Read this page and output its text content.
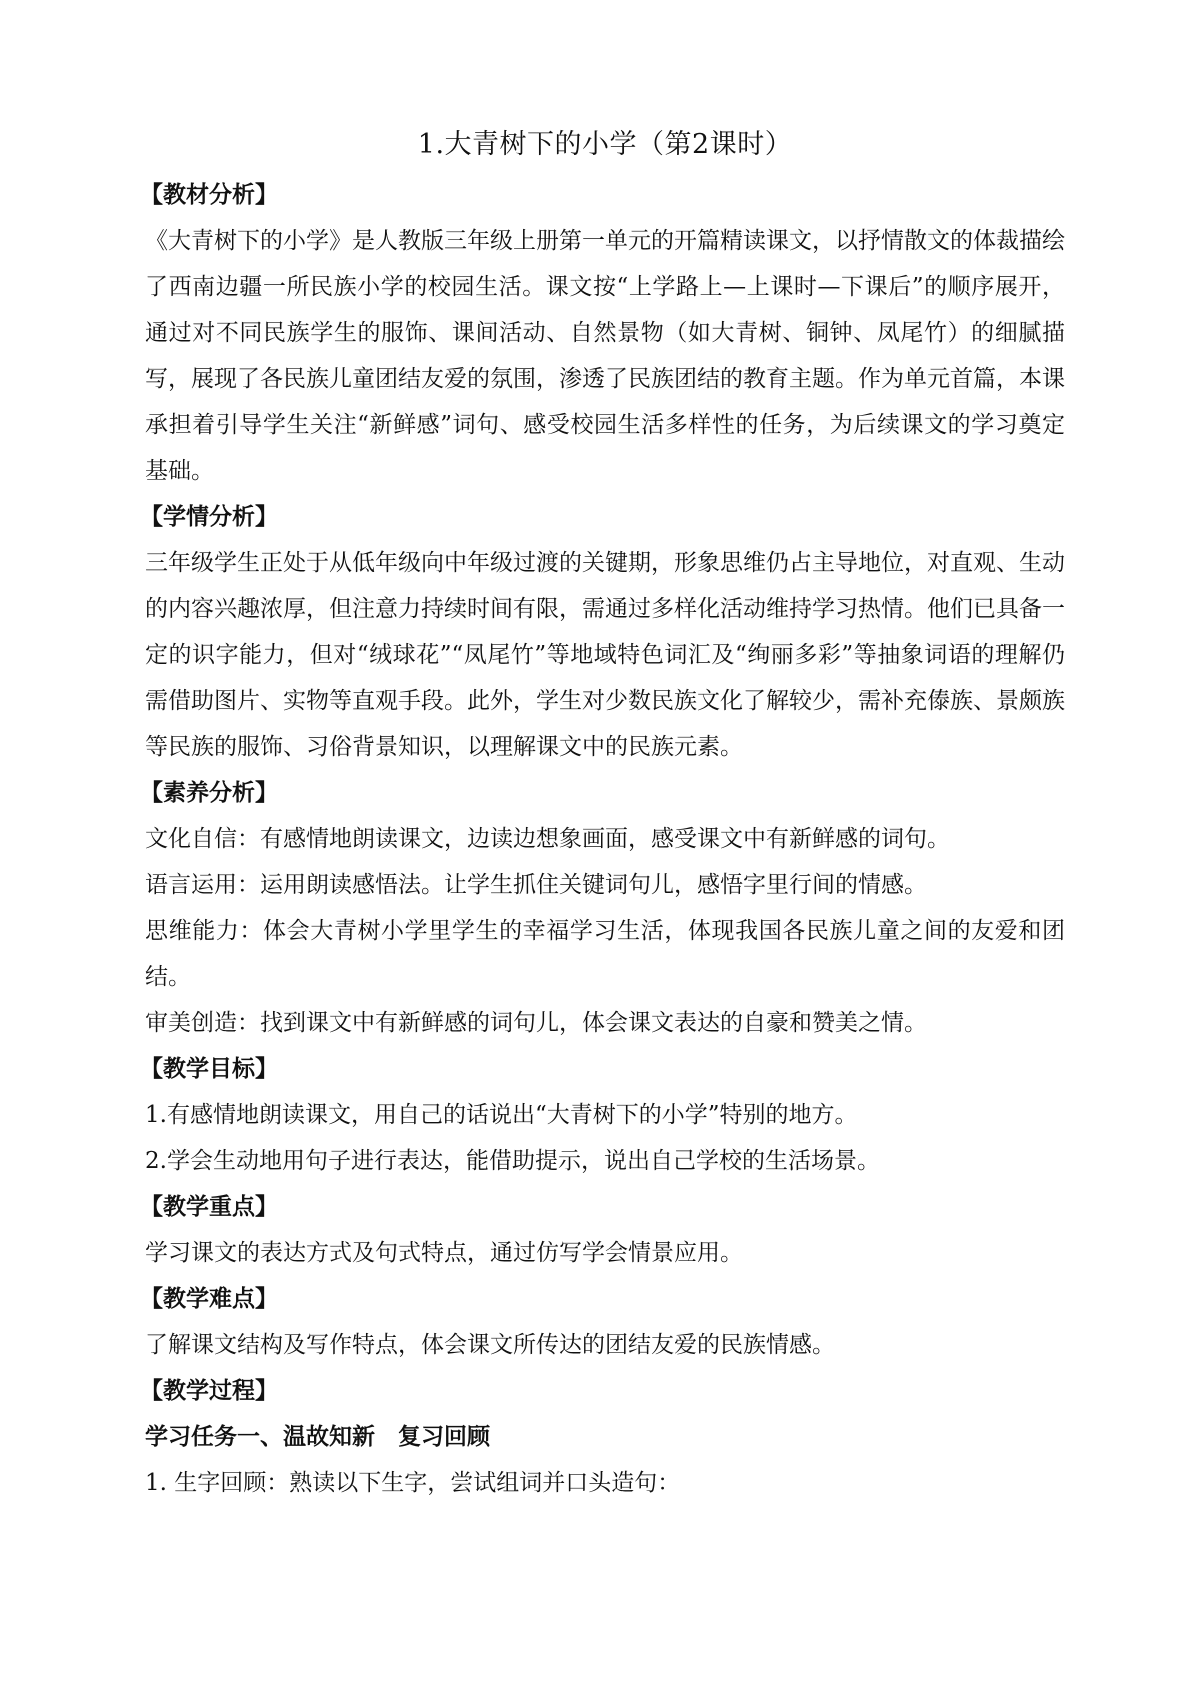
1.大青树下的小学（第2课时）

【教材分析】

《大青树下的小学》是人教版三年级上册第一单元的开篇精读课文，以抒情散文的体裁描绘了西南边疆一所民族小学的校园生活。课文按“上学路上—上课时—下课后”的顺序展开，通过对不同民族学生的服饰、课间活动、自然景物（如大青树、铜钟、凤尾竹）的细腻描写，展现了各民族儿童团结友爱的氛围，渗透了民族团结的教育主题。作为单元首篇，本课承担着引导学生关注“新鲜感”词句、感受校园生活多样性的任务，为后续课文的学习奠定基础。

【学情分析】

三年级学生正处于从低年级向中年级过渡的关键期，形象思维仍占主导地位，对直观、生动的内容兴趣浓厚，但注意力持续时间有限，需通过多样化活动维持学习热情。他们已具备一定的识字能力，但对“绒球花”“凤尾竹”等地域特色词汇及“绚丽多彩”等抽象词语的理解仍需借助图片、实物等直观手段。此外，学生对少数民族文化了解较少，需补充傣族、景颇族等民族的服饰、习俗背景知识，以理解课文中的民族元素。

【素养分析】

文化自信：有感情地朗读课文，边读边想象画面，感受课文中有新鲜感的词句。

语言运用：运用朗读感悟法。让学生抓住关键词句儿，感悟字里行间的情感。

思维能力：体会大青树小学里学生的幸福学习生活，体现我国各民族儿童之间的友爱和团结。

审美创造：找到课文中有新鲜感的词句儿，体会课文表达的自豪和赞美之情。

【教学目标】

1.有感情地朗读课文，用自己的话说出“大青树下的小学”特别的地方。

2.学会生动地用句子进行表达，能借助提示，说出自己学校的生活场景。

【教学重点】

学习课文的表达方式及句式特点，通过仿写学会情景应用。

【教学难点】

了解课文结构及写作特点，体会课文所传达的团结友爱的民族情感。

【教学过程】

学习任务一、温故知新　复习回顾

1. 生字回顾：熟读以下生字，尝试组词并口头造句：
